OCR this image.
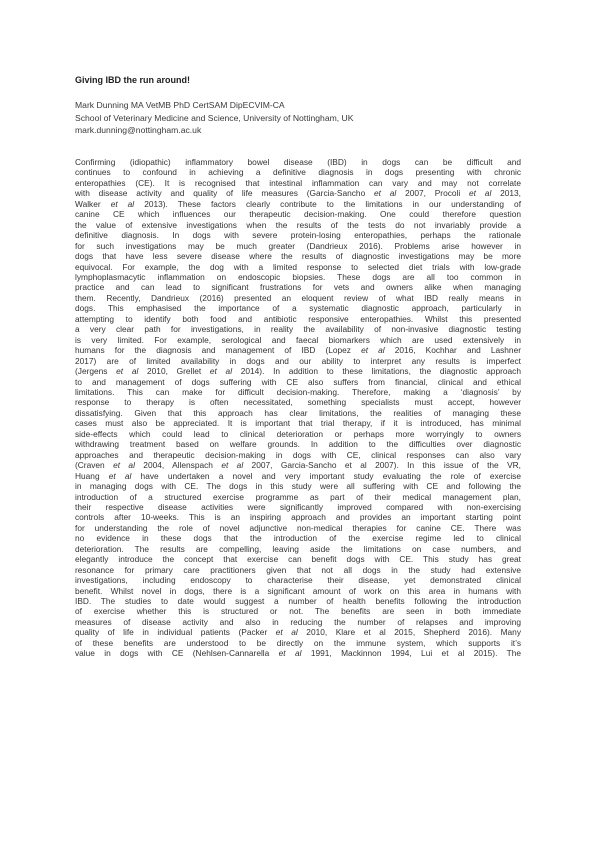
Giving IBD the run around!
Mark Dunning MA VetMB PhD CertSAM DipECVIM-CA
School of Veterinary Medicine and Science, University of Nottingham, UK
mark.dunning@nottingham.ac.uk
Confirming (idiopathic) inflammatory bowel disease (IBD) in dogs can be difficult and
continues to confound in achieving a definitive diagnosis in dogs presenting with chronic
enteropathies (CE). It is recognised that intestinal inflammation can vary and may not correlate
with disease activity and quality of life measures (Garcia-Sancho et al 2007, Procoli et al 2013,
Walker et al 2013). These factors clearly contribute to the limitations in our understanding of
canine CE which influences our therapeutic decision-making. One could therefore question
the value of extensive investigations when the results of the tests do not invariably provide a
definitive diagnosis. In dogs with severe protein-losing enteropathies, perhaps the rationale
for such investigations may be much greater (Dandrieux 2016). Problems arise however in
dogs that have less severe disease where the results of diagnostic investigations may be more
equivocal. For example, the dog with a limited response to selected diet trials with low-grade
lymphoplasmacytic inflammation on endoscopic biopsies. These dogs are all too common in
practice and can lead to significant frustrations for vets and owners alike when managing
them. Recently, Dandrieux (2016) presented an eloquent review of what IBD really means in
dogs. This emphasised the importance of a systematic diagnostic approach, particularly in
attempting to identify both food and antibiotic responsive enteropathies. Whilst this presented
a very clear path for investigations, in reality the availability of non-invasive diagnostic testing
is very limited. For example, serological and faecal biomarkers which are used extensively in
humans for the diagnosis and management of IBD (Lopez et al 2016, Kochhar and Lashner
2017) are of limited availability in dogs and our ability to interpret any results is imperfect
(Jergens et al 2010, Grellet et al 2014). In addition to these limitations, the diagnostic approach
to and management of dogs suffering with CE also suffers from financial, clinical and ethical
limitations. This can make for difficult decision-making. Therefore, making a ‘diagnosis’ by
response to therapy is often necessitated, something specialists must accept, however
dissatisfying. Given that this approach has clear limitations, the realities of managing these
cases must also be appreciated. It is important that trial therapy, if it is introduced, has minimal
side-effects which could lead to clinical deterioration or perhaps more worryingly to owners
withdrawing treatment based on welfare grounds. In addition to the difficulties over diagnostic
approaches and therapeutic decision-making in dogs with CE, clinical responses can also vary
(Craven et al 2004, Allenspach et al 2007, Garcia-Sancho et al 2007). In this issue of the VR,
Huang et al have undertaken a novel and very important study evaluating the role of exercise
in managing dogs with CE. The dogs in this study were all suffering with CE and following the
introduction of a structured exercise programme as part of their medical management plan,
their respective disease activities were significantly improved compared with non-exercising
controls after 10-weeks. This is an inspiring approach and provides an important starting point
for understanding the role of novel adjunctive non-medical therapies for canine CE. There was
no evidence in these dogs that the introduction of the exercise regime led to clinical
deterioration. The results are compelling, leaving aside the limitations on case numbers, and
elegantly introduce the concept that exercise can benefit dogs with CE. This study has great
resonance for primary care practitioners given that not all dogs in the study had extensive
investigations, including endoscopy to characterise their disease, yet demonstrated clinical
benefit. Whilst novel in dogs, there is a significant amount of work on this area in humans with
IBD. The studies to date would suggest a number of health benefits following the introduction
of exercise whether this is structured or not. The benefits are seen in both immediate
measures of disease activity and also in reducing the number of relapses and improving
quality of life in individual patients (Packer et al 2010, Klare et al 2015, Shepherd 2016). Many
of these benefits are understood to be directly on the immune system, which supports it’s
value in dogs with CE (Nehlsen-Cannarella et al 1991, Mackinnon 1994, Lui et al 2015). The
